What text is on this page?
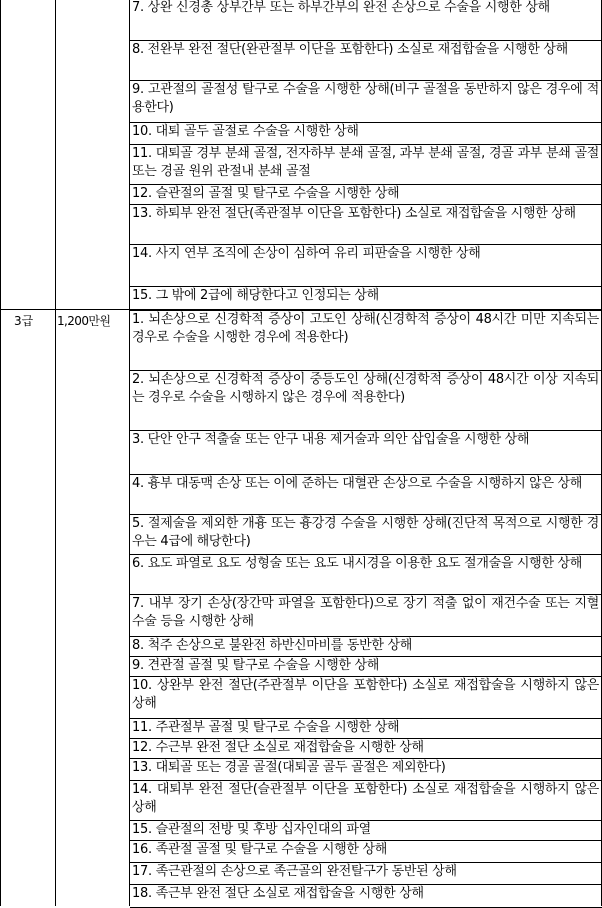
3급 1,200만원
7. 상완 신경총 상부간부 또는 하부간부의 완전 손상으로 수술을 시행한 상해
8. 전완부 완전 절단(완관절부 이단을 포함한다) 소실로 재접합술을 시행한 상해
9. 고관절의 골절성 탈구로 수술을 시행한 상해(비구 골절을 동반하지 않은 경우에 적용한다)
10. 대퇴 골두 골절로 수술을 시행한 상해
11. 대퇴골 경부 분쇄 골절, 전자하부 분쇄 골절, 과부 분쇄 골절, 경골 과부 분쇄 골절 또는 경골 원위 관절내 분쇄 골절
12. 슬관절의 골절 및 탈구로 수술을 시행한 상해
13. 하퇴부 완전 절단(족관절부 이단을 포함한다) 소실로 재접합술을 시행한 상해
14. 사지 연부 조직에 손상이 심하여 유리 피판술을 시행한 상해
15. 그 밖에 2급에 해당한다고 인정되는 상해
1. 뇌손상으로 신경학적 증상이 고도인 상해(신경학적 증상이 48시간 미만 지속되는 경우로 수술을 시행한 경우에 적용한다)
2. 뇌손상으로 신경학적 증상이 중등도인 상해(신경학적 증상이 48시간 이상 지속되는 경우로 수술을 시행하지 않은 경우에 적용한다)
3. 단안 안구 적출술 또는 안구 내용 제거술과 의안 삽입술을 시행한 상해
4. 흉부 대동맥 손상 또는 이에 준하는 대혈관 손상으로 수술을 시행하지 않은 상해
5. 절제술을 제외한 개흉 또는 흉강경 수술을 시행한 상해(진단적 목적으로 시행한 경우는 4급에 해당한다)
6. 요도 파열로 요도 성형술 또는 요도 내시경을 이용한 요도 절개술을 시행한 상해
7. 내부 장기 손상(장간막 파열을 포함한다)으로 장기 적출 없이 재건수술 또는 지혈수술 등을 시행한 상해
8. 척주 손상으로 불완전 하반신마비를 동반한 상해
9. 견관절 골절 및 탈구로 수술을 시행한 상해
10. 상완부 완전 절단(주관절부 이단을 포함한다) 소실로 재접합술을 시행하지 않은 상해
11. 주관절부 골절 및 탈구로 수술을 시행한 상해
12. 수근부 완전 절단 소실로 재접합술을 시행한 상해
13. 대퇴골 또는 경골 골절(대퇴골 골두 골절은 제외한다)
14. 대퇴부 완전 절단(슬관절부 이단을 포함한다) 소실로 재접합술을 시행하지 않은 상해
15. 슬관절의 전방 및 후방 십자인대의 파열
16. 족관절 골절 및 탈구로 수술을 시행한 상해
17. 족근관절의 손상으로 족근골의 완전탈구가 동반된 상해
18. 족근부 완전 절단 소실로 재접합술을 시행한 상해
